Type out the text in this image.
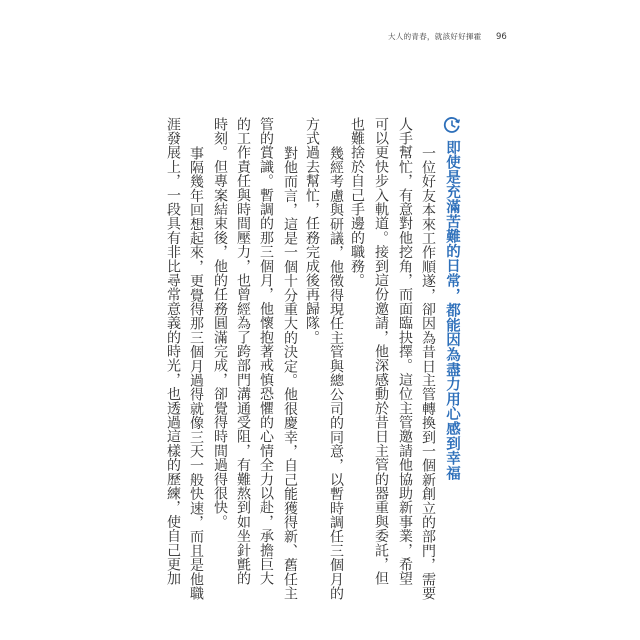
大人的青春，就該好好揮霍 96
即使是充滿苦難的日常，都能因為盡力用心感到幸福
一位好友本來工作順遂，卻因為昔日主管轉換到一個新創立的部門，需要
人手幫忙，有意對他挖角，而面臨抉擇。這位主管邀請他協助新事業，希望
可以更快步入軌道。接到這份邀請，他深感動於昔日主管的器重與委託，但
也難捨於自己手邊的職務。
幾經考慮與研議，他徵得現任主管與總公司的同意，以暫時調任三個月的
方式過去幫忙，任務完成後再歸隊。
對他而言，這是一個十分重大的決定。他很慶幸，自己能獲得新、舊任主
管的賞識。暫調的那三個月，他懷抱著戒慎恐懼的心情全力以赴，承擔巨大
的工作責任與時間壓力，也曾經為了跨部門溝通受阻，有難熬到如坐針氈的
時刻。但專案結束後，他的任務圓滿完成，卻覺得時間過得很快。
事隔幾年回想起來，更覺得那三個月過得就像三天一般快速，而且是他職
涯發展上，一段具有非比尋常意義的時光，也透過這樣的歷練，使自己更加
